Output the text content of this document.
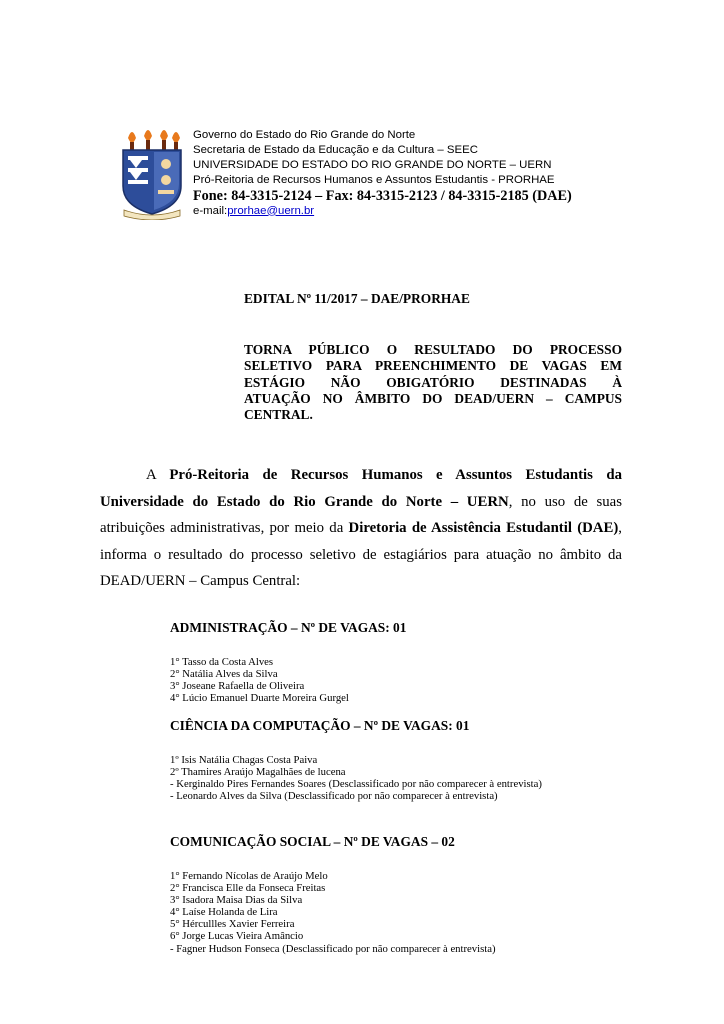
Governo do Estado do Rio Grande do Norte
Secretaria de Estado da Educação e da Cultura – SEEC
UNIVERSIDADE DO ESTADO DO RIO GRANDE DO NORTE – UERN
Pró-Reitoria de Recursos Humanos e Assuntos Estudantis - PRORHAE
Fone: 84-3315-2124 – Fax: 84-3315-2123 / 84-3315-2185 (DAE)
e-mail:prorhae@uern.br
EDITAL Nº 11/2017 – DAE/PRORHAE
TORNA PÚBLICO O RESULTADO DO PROCESSO
SELETIVO PARA PREENCHIMENTO DE VAGAS EM
ESTÁGIO NÃO OBIGATÓRIO DESTINADAS À
ATUAÇÃO NO ÂMBITO DO DEAD/UERN – CAMPUS
CENTRAL.
A Pró-Reitoria de Recursos Humanos e Assuntos Estudantis da
Universidade do Estado do Rio Grande do Norte – UERN, no uso de suas
atribuições administrativas, por meio da Diretoria de Assistência Estudantil (DAE),
informa o resultado do processo seletivo de estagiários para atuação no âmbito da
DEAD/UERN – Campus Central:
ADMINISTRAÇÃO – Nº DE VAGAS: 01
1° Tasso da Costa Alves
2° Natália Alves da Silva
3° Joseane Rafaella de Oliveira
4° Lúcio Emanuel Duarte Moreira Gurgel
CIÊNCIA DA COMPUTAÇÃO – Nº DE VAGAS: 01
1º Isis Natália Chagas Costa Paiva
2º Thamires Araújo Magalhães de lucena
- Kerginaldo Pires Fernandes Soares (Desclassificado por não comparecer à entrevista)
- Leonardo Alves da Silva (Desclassificado por não comparecer à entrevista)
COMUNICAÇÃO SOCIAL – Nº DE VAGAS – 02
1° Fernando Nícolas de Araújo Melo
2° Francisca Elle da Fonseca Freitas
3° Isadora Maisa Dias da Silva
4° Laíse Holanda de Lira
5° Hércullles Xavier Ferreira
6° Jorge Lucas Vieira Amâncio
- Fagner Hudson Fonseca (Desclassificado por não comparecer à entrevista)
